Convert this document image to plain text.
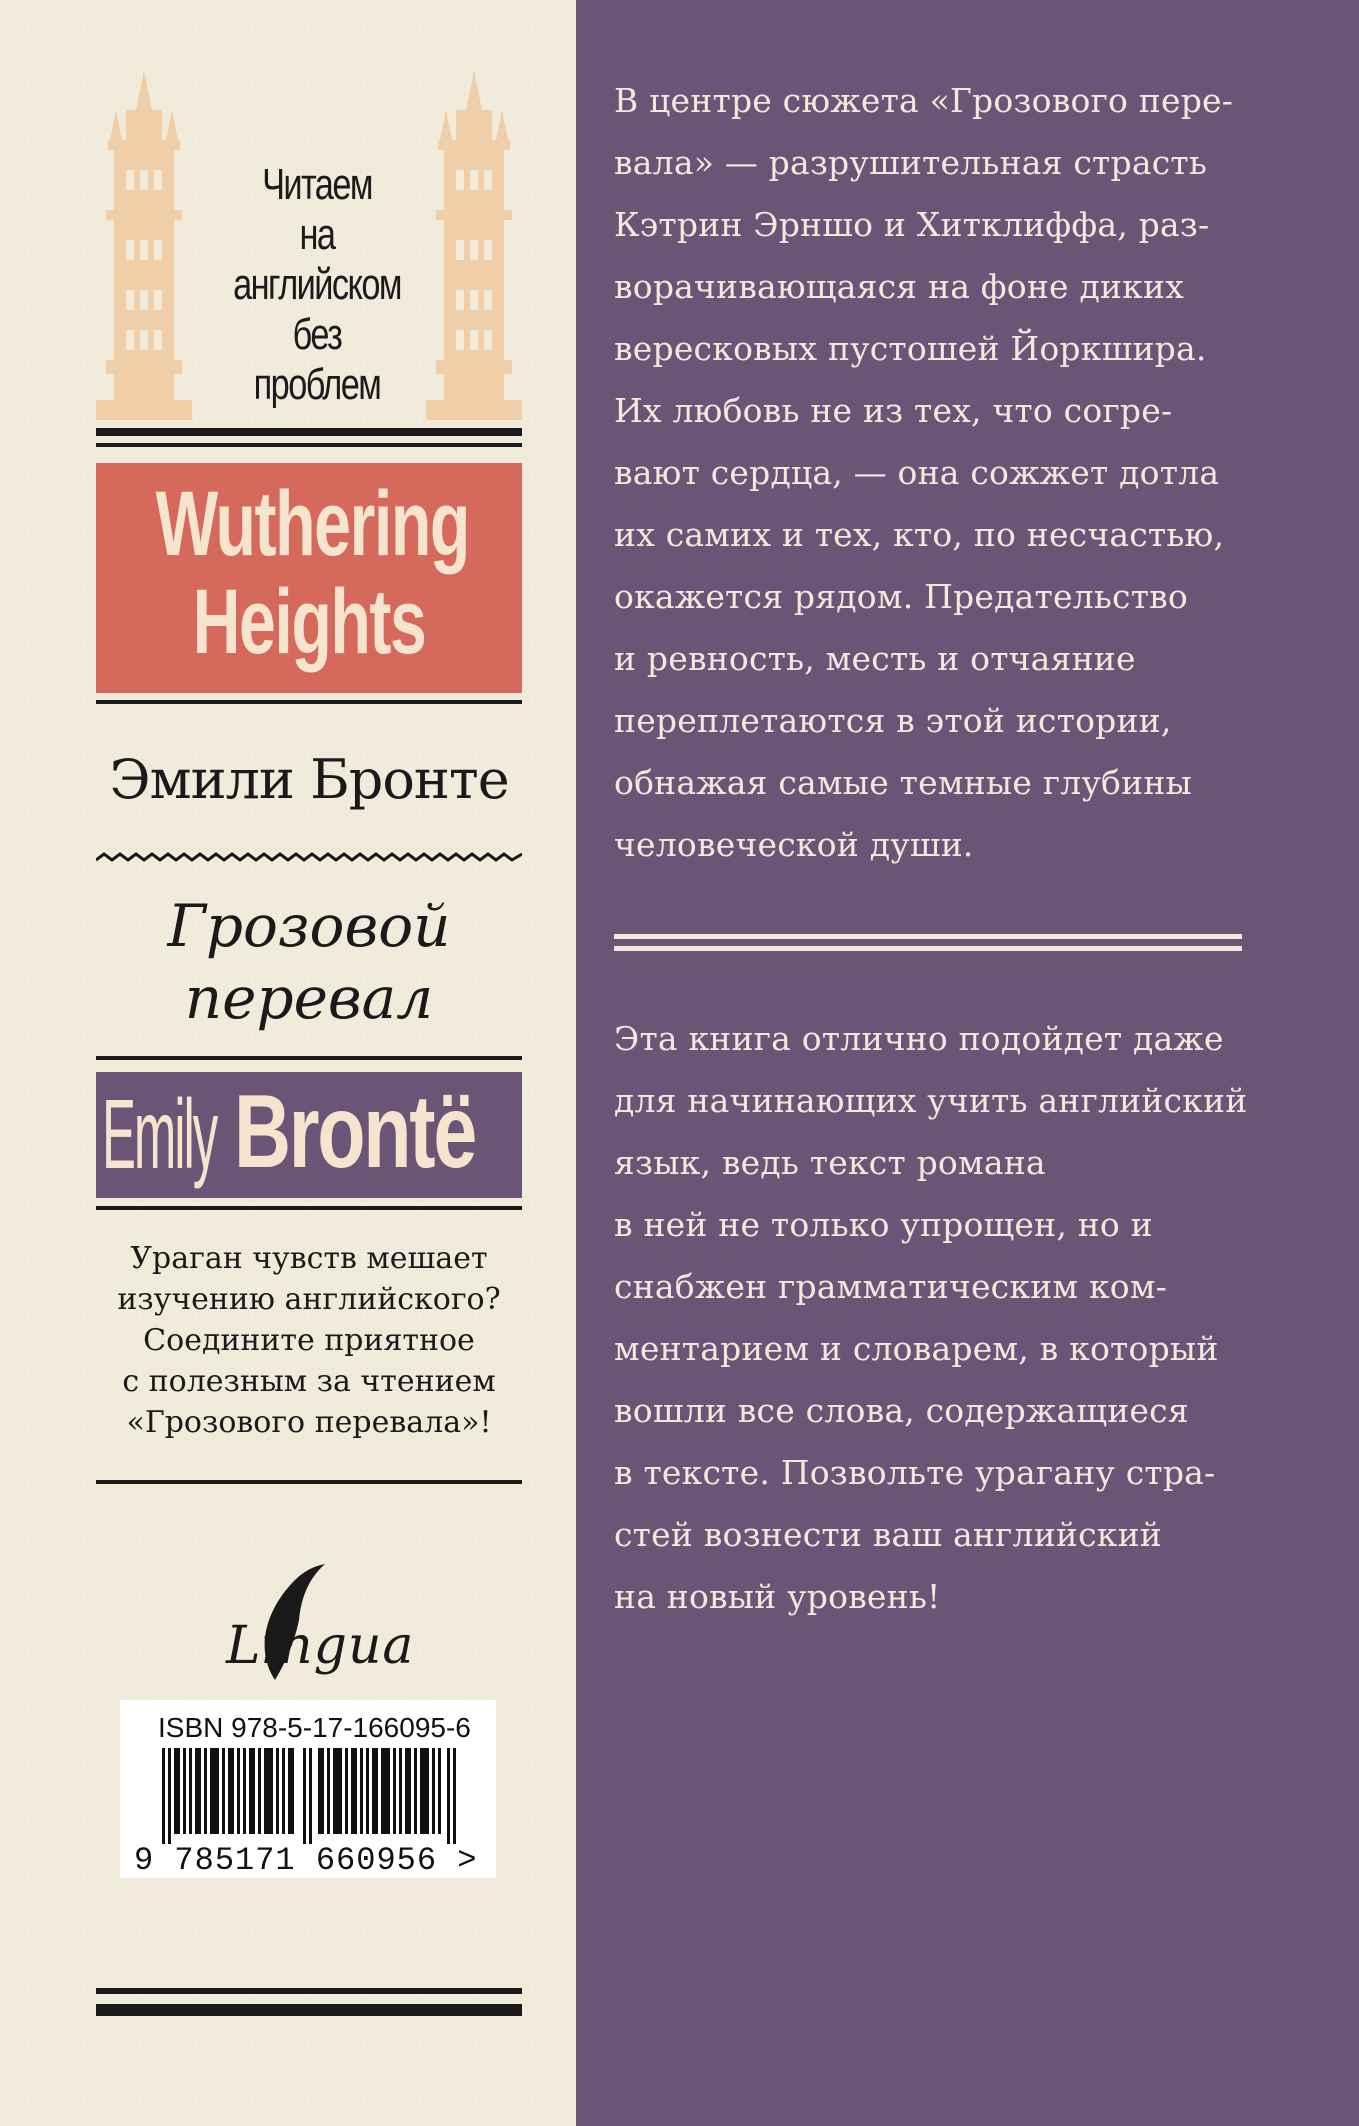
Читаем
на английском
без
проблем
Wuthering
Heights
Эмили Бронте
Грозовой
перевал
Emily Brontë
Ураган чувств мешает
изучению английского?
Соедините приятное
с полезным за чтением
«Грозового перевала»!
Lingua
ISBN 978-5-17-166095-6
9 785171 660956 >
В центре сюжета «Грозового пере-
вала» — разрушительная страсть
Кэтрин Эрншо и Хитклиффа, раз-
ворачивающаяся на фоне диких
вересковых пустошей Йоркшира.
Их любовь не из тех, что согре-
вают сердца, — она сожжет дотла
их самих и тех, кто, по несчастью,
окажется рядом. Предательство
и ревность, месть и отчаяние
переплетаются в этой истории,
обнажая самые темные глубины
человеческой души.
Эта книга отлично подойдет даже
для начинающих учить английский
язык, ведь текст романа
в ней не только упрощен, но и
снабжен грамматическим ком-
ментарием и словарем, в который
вошли все слова, содержащиеся
в тексте. Позвольте урагану стра-
стей вознести ваш английский
на новый уровень!
